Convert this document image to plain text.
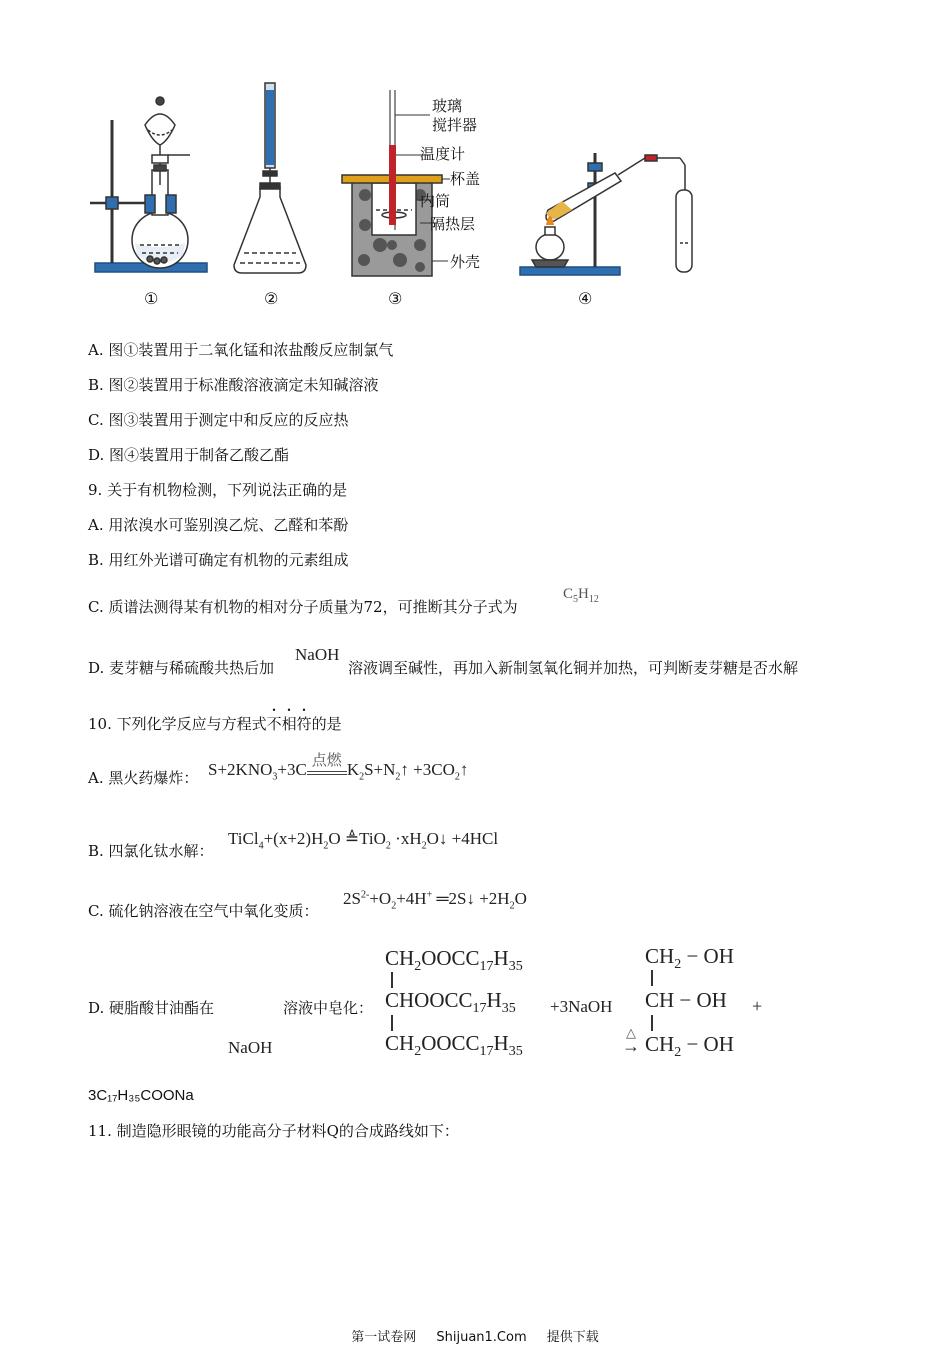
①	②	③	④
玻璃
搅拌器
温度计
杯盖
内筒
隔热层
外壳
A. 图①装置用于二氧化锰和浓盐酸反应制氯气
B. 图②装置用于标准酸溶液滴定未知碱溶液
C. 图③装置用于测定中和反应的反应热
D. 图④装置用于制备乙酸乙酯
9. 关于有机物检测，下列说法正确的是
A. 用浓溴水可鉴别溴乙烷、乙醛和苯酚
B. 用红外光谱可确定有机物的元素组成
C. 质谱法测得某有机物的相对分子质量为72，可推断其分子式为
$C_5H_{12}$
D. 麦芽糖与稀硫酸共热后加
NaOH
溶液调至碱性，再加入新制氢氧化铜并加热，可判断麦芽糖是否水解
10. 下列化学反应与方程式不相符的是
A. 黑火药爆炸： $S+2KNO_3+3C$ 点燃 $K_2S+N_2↑$ $+3CO_2↑$
B. 四氯化钛水解：
$TiCl_4+(x+2)H_2O$ ≜TiO$_2$ $\cdot xH_2O↓ +4HCl$
C. 硫化钠溶液在空气中氧化变质：
$2S^{2-}+O_2+4H^+$ ═2S↓ $+2H_2O$
D. 硬脂酸甘油酯在	溶液中皂化：
NaOH
$CH_2OOCC_{17}H_{35}$
$CHOOCC_{17}H_{35}$
$CH_2OOCC_{17}H_{35}$
+3NaOH
△
→
$CH_2$ − OH
CH − OH
$CH_2$ − OH
+
3C₁₇H₃₅COONa
11. 制造隐形眼镜的功能高分子材料Q的合成路线如下：
第一试卷网 Shijuan1.Com 提供下载
